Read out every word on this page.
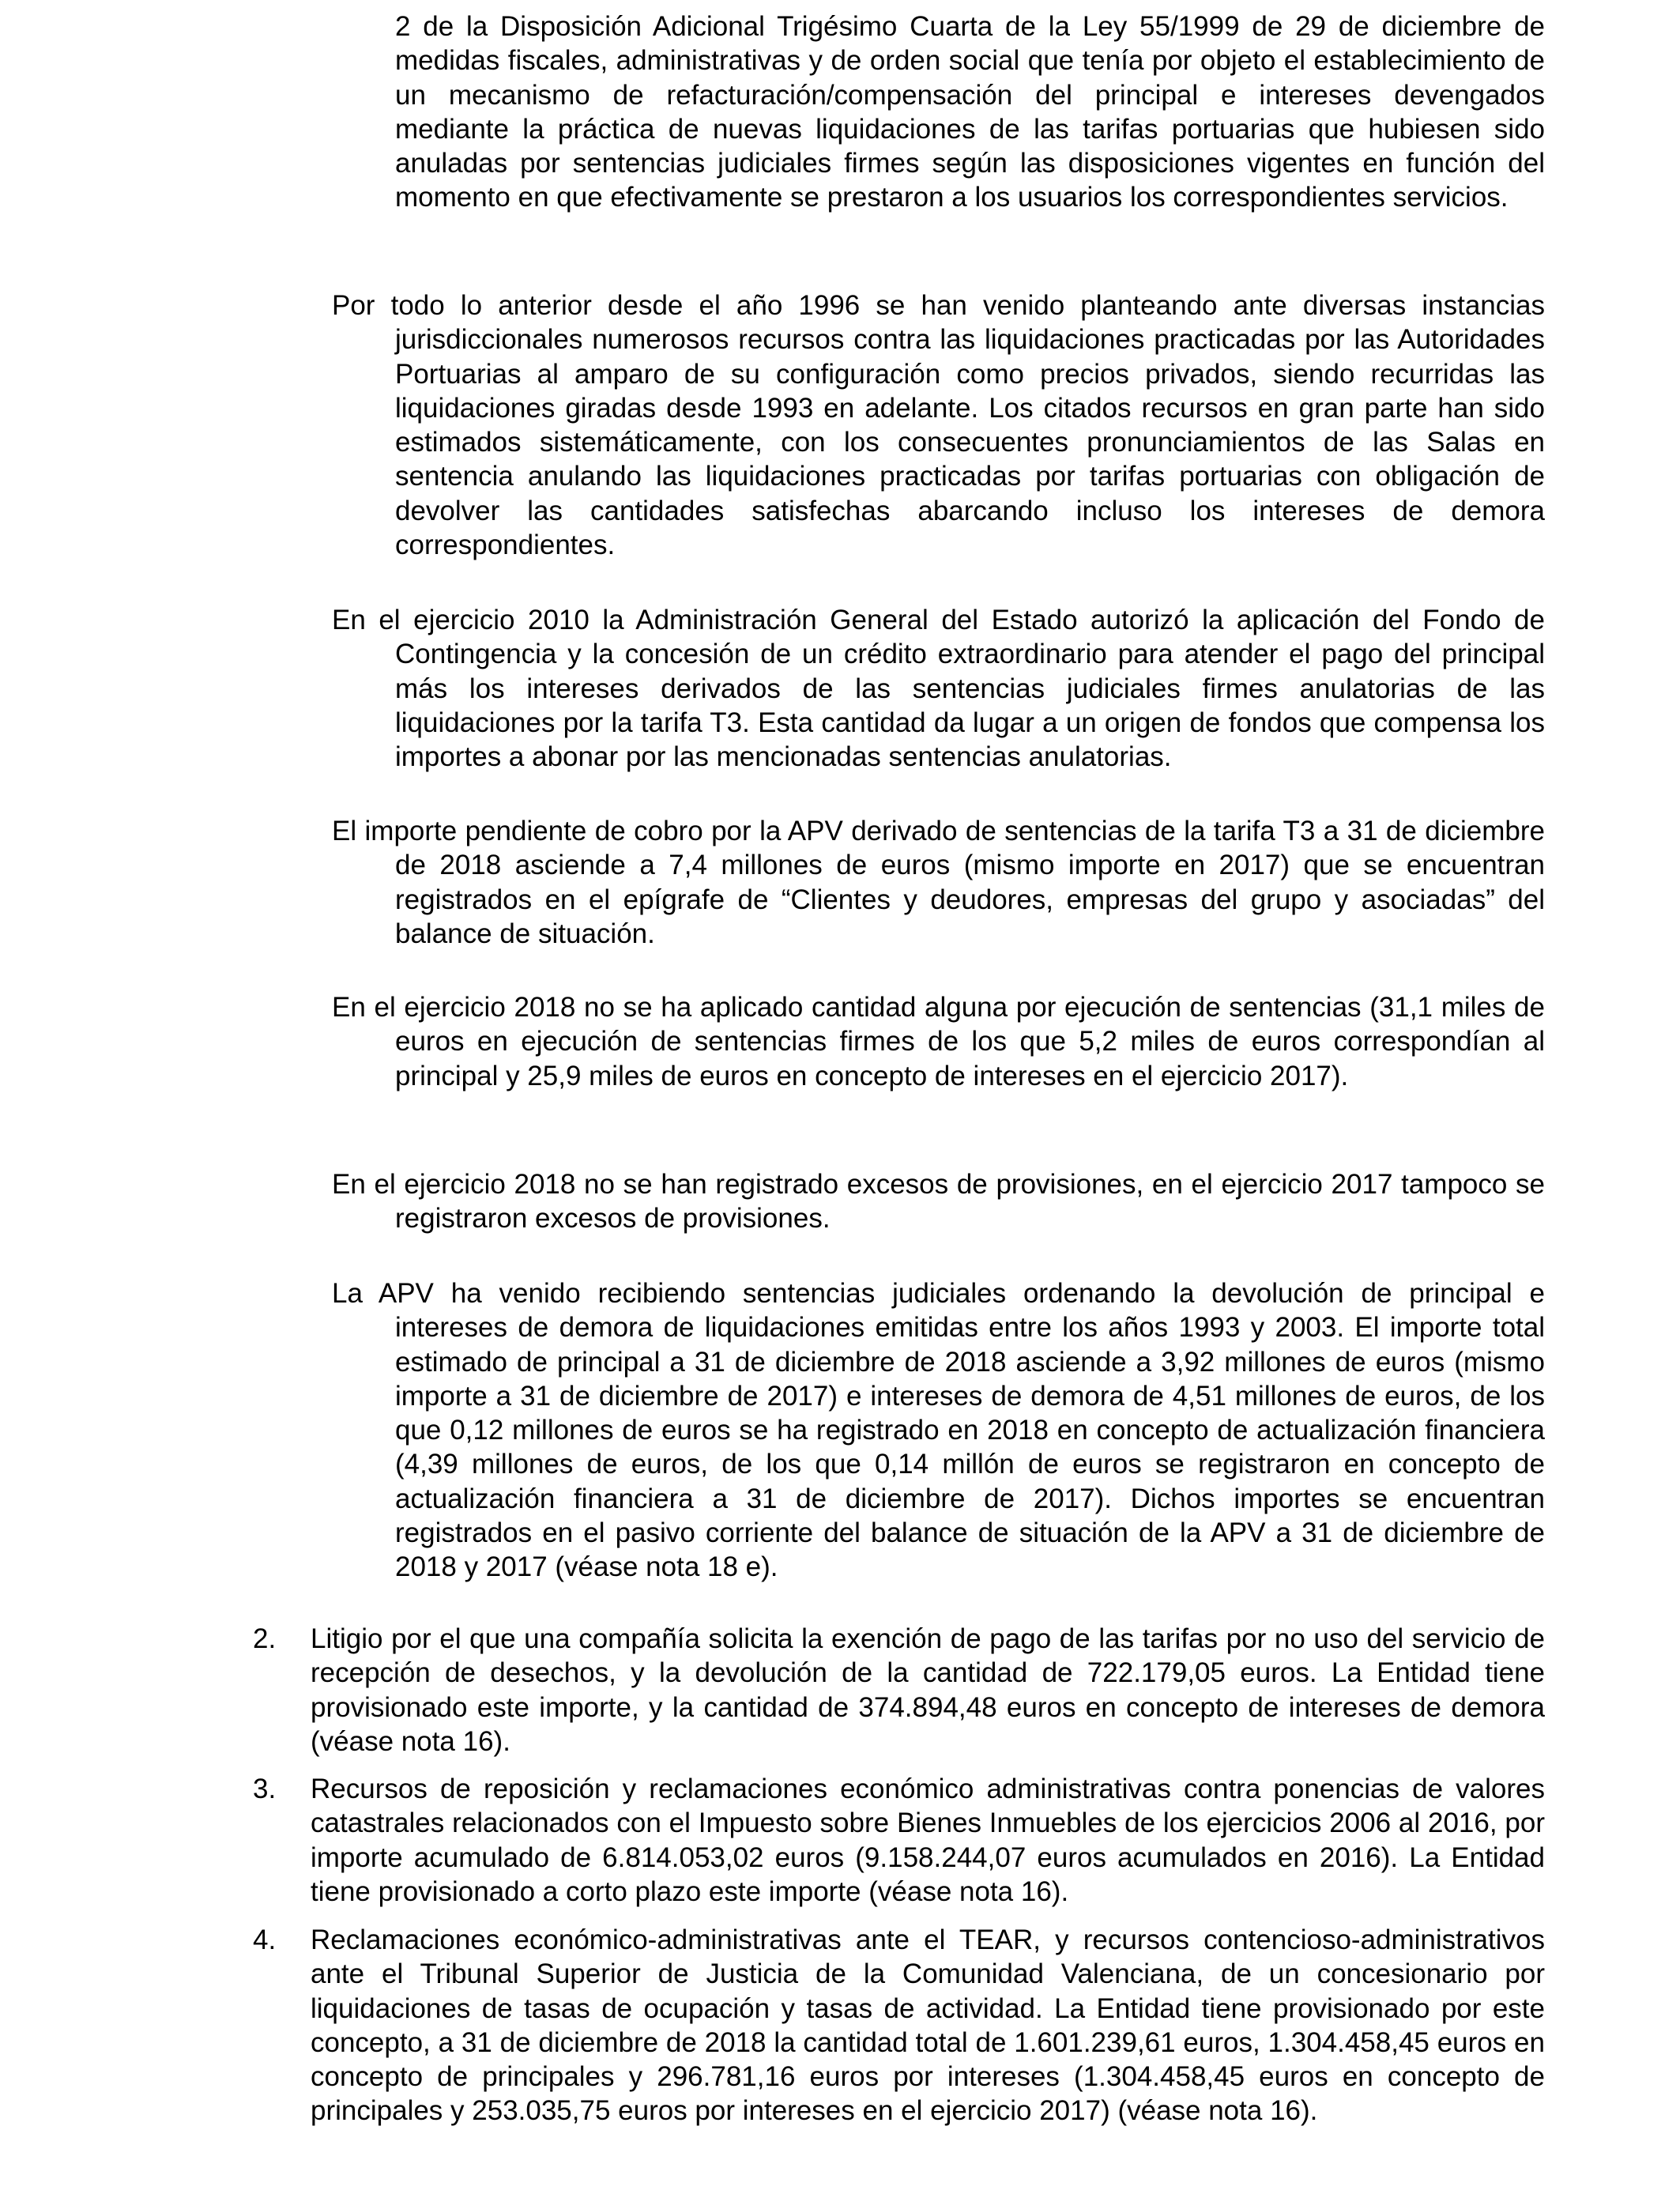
2 de la Disposición Adicional Trigésimo Cuarta de la Ley 55/1999 de 29 de diciembre de medidas fiscales, administrativas y de orden social que tenía por objeto el establecimiento de un mecanismo de refacturación/compensación del principal e intereses devengados mediante la práctica de nuevas liquidaciones de las tarifas portuarias que hubiesen sido anuladas por sentencias judiciales firmes según las disposiciones vigentes en función del momento en que efectivamente se prestaron a los usuarios los correspondientes servicios.

Por todo lo anterior desde el año 1996 se han venido planteando ante diversas instancias jurisdiccionales numerosos recursos contra las liquidaciones practicadas por las Autoridades Portuarias al amparo de su configuración como precios privados, siendo recurridas las liquidaciones giradas desde 1993 en adelante. Los citados recursos en gran parte han sido estimados sistemáticamente, con los consecuentes pronunciamientos de las Salas en sentencia anulando las liquidaciones practicadas por tarifas portuarias con obligación de devolver las cantidades satisfechas abarcando incluso los intereses de demora correspondientes.

En el ejercicio 2010 la Administración General del Estado autorizó la aplicación del Fondo de Contingencia y la concesión de un crédito extraordinario para atender el pago del principal más los intereses derivados de las sentencias judiciales firmes anulatorias de las liquidaciones por la tarifa T3. Esta cantidad da lugar a un origen de fondos que compensa los importes a abonar por las mencionadas sentencias anulatorias.

El importe pendiente de cobro por la APV derivado de sentencias de la tarifa T3 a 31 de diciembre de 2018 asciende a 7,4 millones de euros (mismo importe en 2017) que se encuentran registrados en el epígrafe de “Clientes y deudores, empresas del grupo y asociadas” del balance de situación.

En el ejercicio 2018 no se ha aplicado cantidad alguna por ejecución de sentencias (31,1 miles de euros en ejecución de sentencias firmes de los que 5,2 miles de euros correspondían al principal y 25,9 miles de euros en concepto de intereses en el ejercicio 2017).

En el ejercicio 2018 no se han registrado excesos de provisiones, en el ejercicio 2017 tampoco se registraron excesos de provisiones.

La APV ha venido recibiendo sentencias judiciales ordenando la devolución de principal e intereses de demora de liquidaciones emitidas entre los años 1993 y 2003. El importe total estimado de principal a 31 de diciembre de 2018 asciende a 3,92 millones de euros (mismo importe a 31 de diciembre de 2017) e intereses de demora de 4,51 millones de euros, de los que 0,12 millones de euros se ha registrado en 2018 en concepto de actualización financiera (4,39 millones de euros, de los que 0,14 millón de euros se registraron en concepto de actualización financiera a 31 de diciembre de 2017). Dichos importes se encuentran registrados en el pasivo corriente del balance de situación de la APV a 31 de diciembre de 2018 y 2017 (véase nota 18 e).

2. Litigio por el que una compañía solicita la exención de pago de las tarifas por no uso del servicio de recepción de desechos, y la devolución de la cantidad de 722.179,05 euros. La Entidad tiene provisionado este importe, y la cantidad de 374.894,48 euros en concepto de intereses de demora (véase nota 16).

3. Recursos de reposición y reclamaciones económico administrativas contra ponencias de valores catastrales relacionados con el Impuesto sobre Bienes Inmuebles de los ejercicios 2006 al 2016, por importe acumulado de 6.814.053,02 euros (9.158.244,07 euros acumulados en 2016). La Entidad tiene provisionado a corto plazo este importe (véase nota 16).

4. Reclamaciones económico-administrativas ante el TEAR, y recursos contencioso-administrativos ante el Tribunal Superior de Justicia de la Comunidad Valenciana, de un concesionario por liquidaciones de tasas de ocupación y tasas de actividad. La Entidad tiene provisionado por este concepto, a 31 de diciembre de 2018 la cantidad total de 1.601.239,61 euros, 1.304.458,45 euros en concepto de principales y 296.781,16 euros por intereses (1.304.458,45 euros en concepto de principales y 253.035,75 euros por intereses en el ejercicio 2017) (véase nota 16).
